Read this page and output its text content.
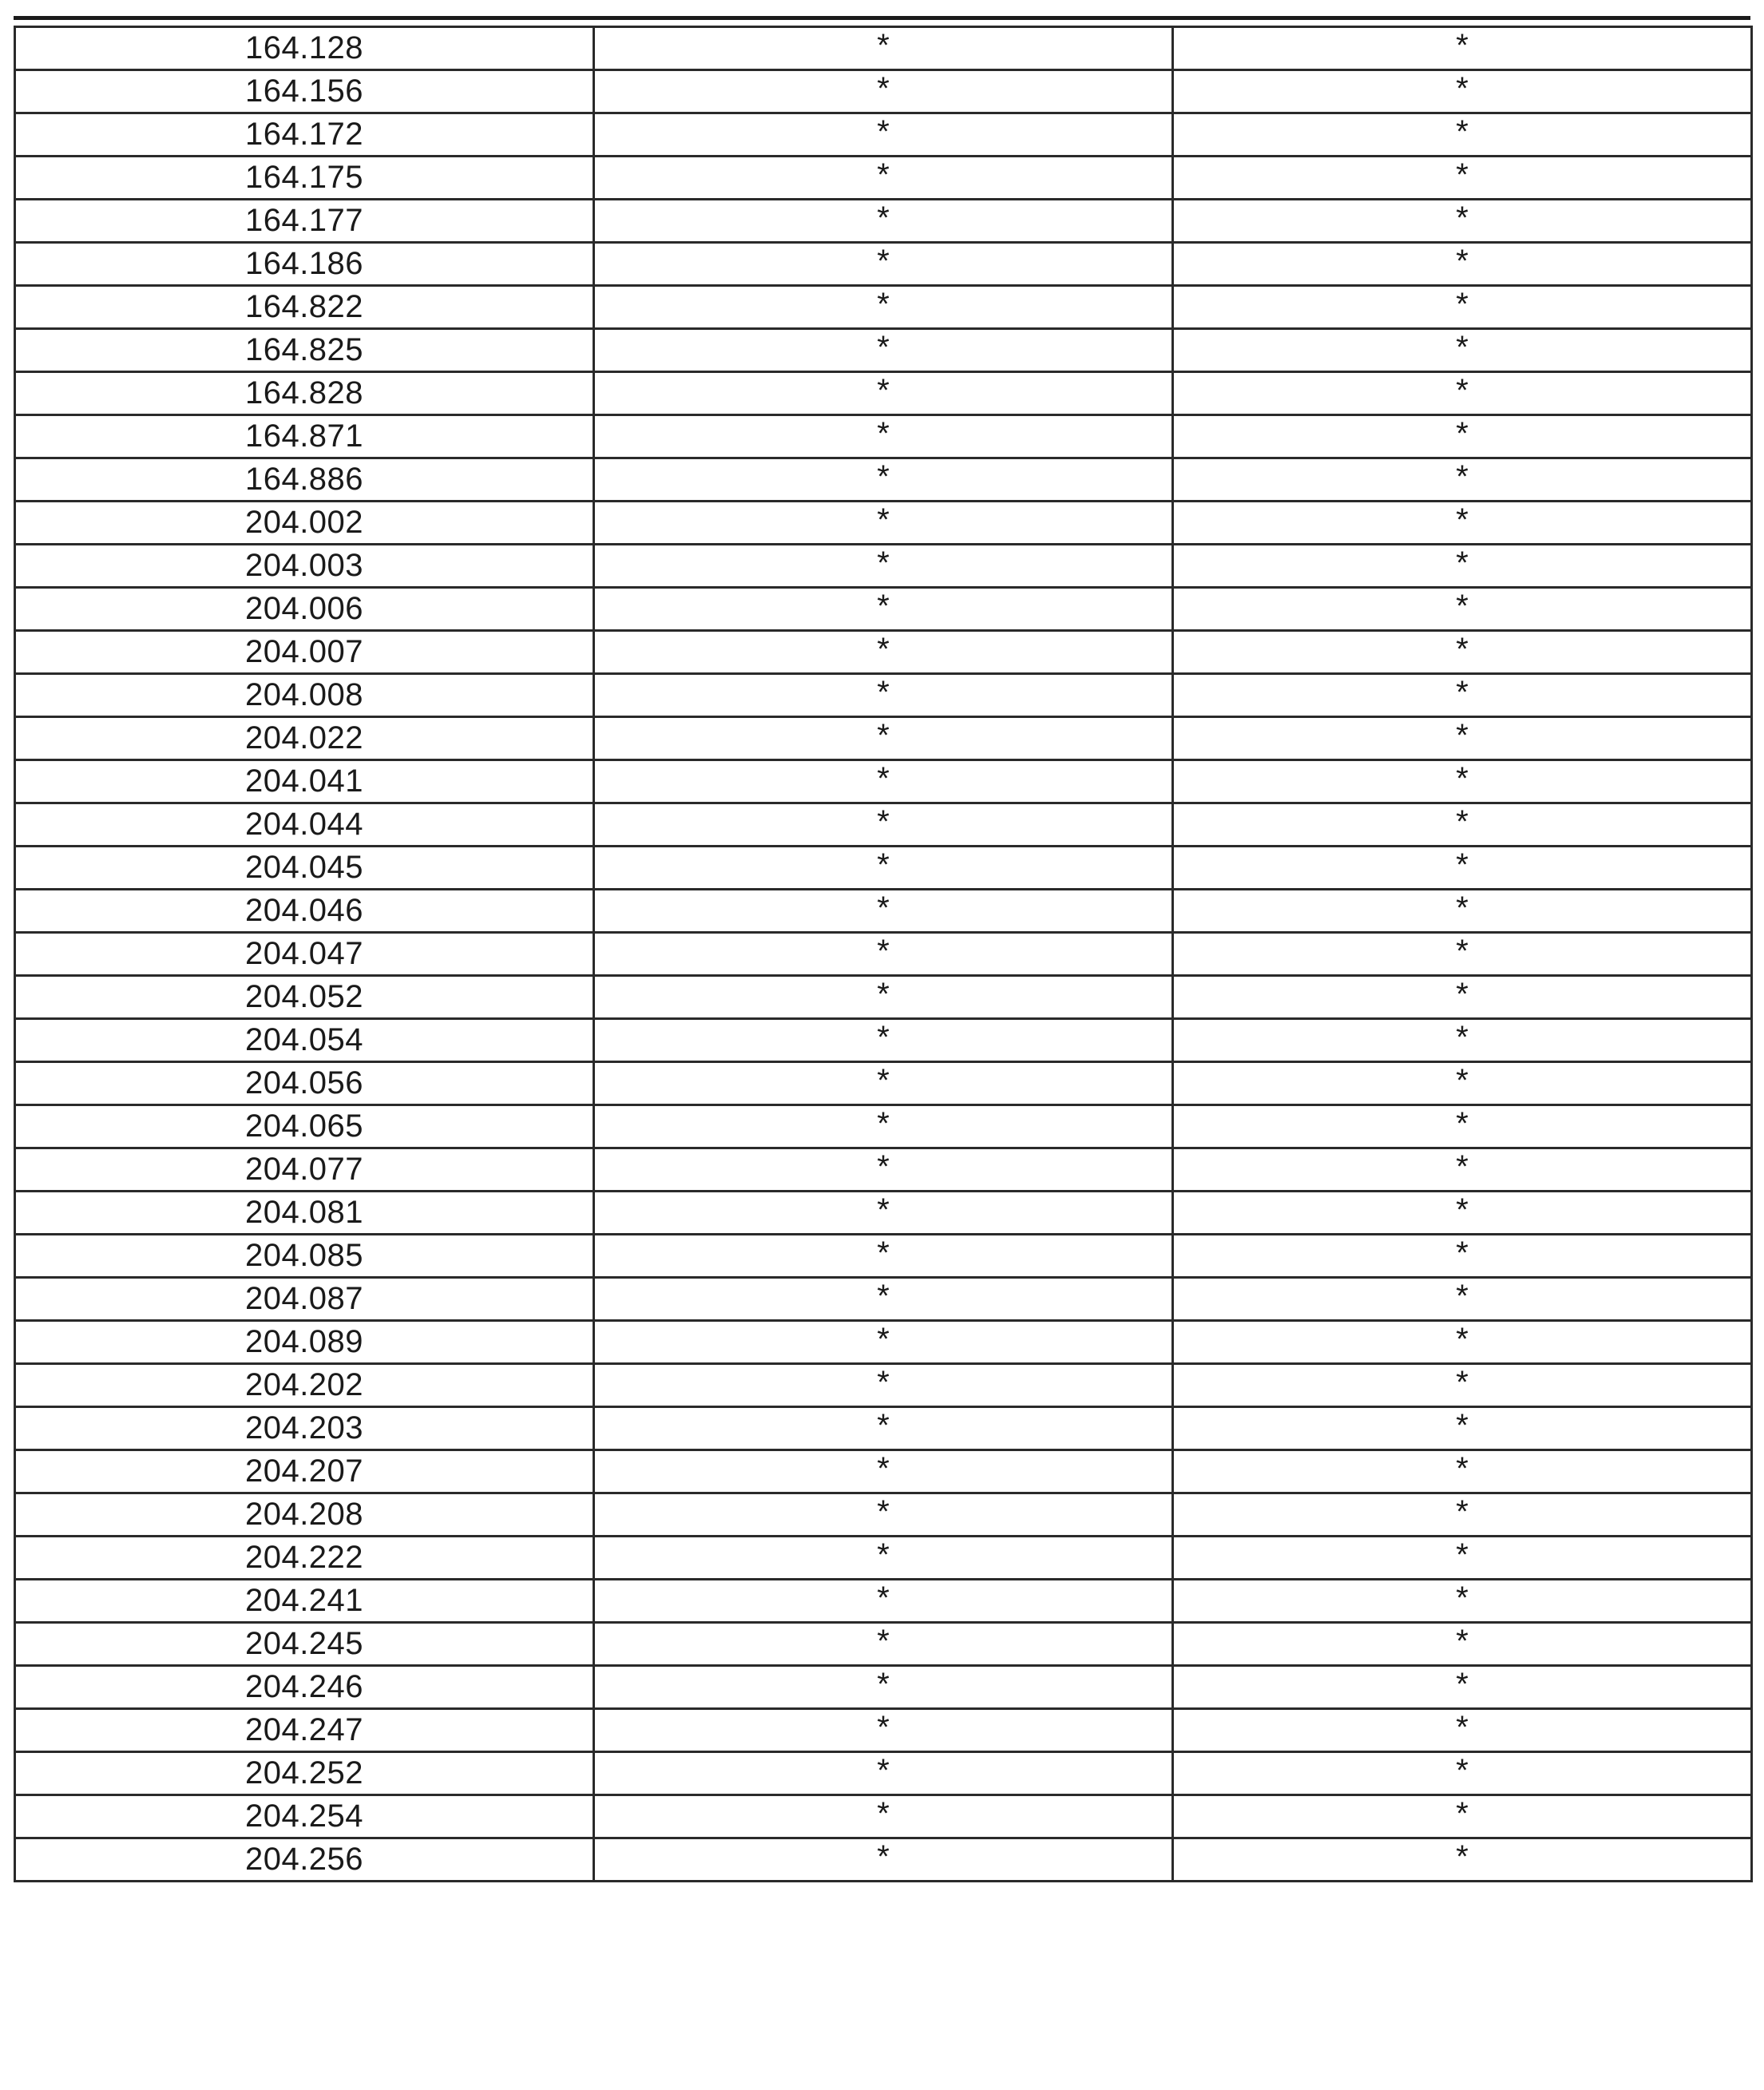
164.128	*	*
164.156	*	*
164.172	*	*
164.175	*	*
164.177	*	*
164.186	*	*
164.822	*	*
164.825	*	*
164.828	*	*
164.871	*	*
164.886	*	*
204.002	*	*
204.003	*	*
204.006	*	*
204.007	*	*
204.008	*	*
204.022	*	*
204.041	*	*
204.044	*	*
204.045	*	*
204.046	*	*
204.047	*	*
204.052	*	*
204.054	*	*
204.056	*	*
204.065	*	*
204.077	*	*
204.081	*	*
204.085	*	*
204.087	*	*
204.089	*	*
204.202	*	*
204.203	*	*
204.207	*	*
204.208	*	*
204.222	*	*
204.241	*	*
204.245	*	*
204.246	*	*
204.247	*	*
204.252	*	*
204.254	*	*
204.256	*	*
